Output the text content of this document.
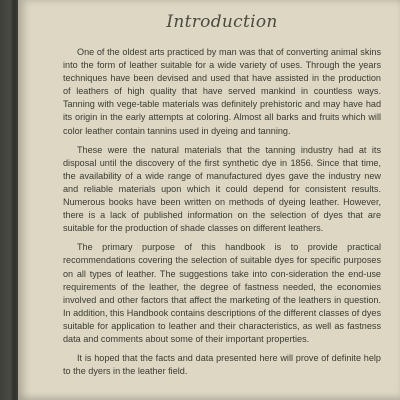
Introduction

One of the oldest arts practiced by man was that of converting animal skins into the form of leather suitable for a wide variety of uses. Through the years techniques have been devised and used that have assisted in the production of leathers of high quality that have served mankind in countless ways. Tanning with vege-table materials was definitely prehistoric and may have had its origin in the early attempts at coloring. Almost all barks and fruits which will color leather contain tannins used in dyeing and tanning.

These were the natural materials that the tanning industry had at its disposal until the discovery of the first synthetic dye in 1856. Since that time, the availability of a wide range of manufactured dyes gave the industry new and reliable materials upon which it could depend for consistent results. Numerous books have been written on methods of dyeing leather. However, there is a lack of published information on the selection of dyes that are suitable for the production of shade classes on different leathers.

The primary purpose of this handbook is to provide practical recommendations covering the selection of suitable dyes for specific purposes on all types of leather. The suggestions take into con-sideration the end-use requirements of the leather, the degree of fastness needed, the economies involved and other factors that affect the marketing of the leathers in question. In addition, this Handbook contains descriptions of the different classes of dyes suitable for application to leather and their characteristics, as well as fastness data and comments about some of their important properties.

It is hoped that the facts and data presented here will prove of definite help to the dyers in the leather field.
